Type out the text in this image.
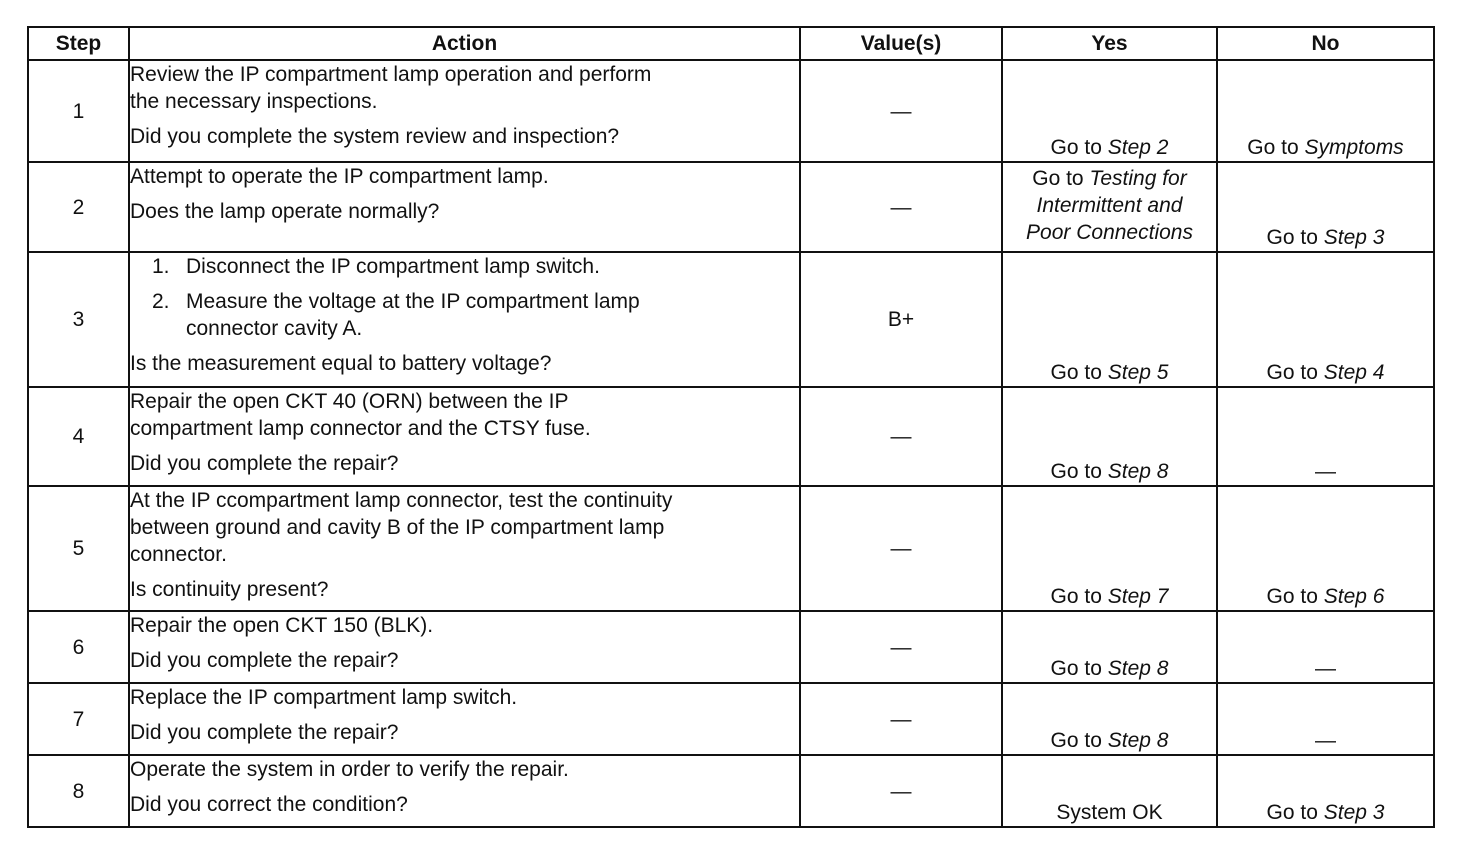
Step	Action	Value(s)	Yes	No
1	Review the IP compartment lamp operation and perform
the necessary inspections.
Did you complete the system review and inspection?	—	Go to Step 2	Go to Symptoms
2	Attempt to operate the IP compartment lamp.
Does the lamp operate normally?	—	Go to Testing for
Intermittent and
Poor Connections	Go to Step 3
3	1. Disconnect the IP compartment lamp switch.
2. Measure the voltage at the IP compartment lamp
connector cavity A.
Is the measurement equal to battery voltage?	B+	Go to Step 5	Go to Step 4
4	Repair the open CKT 40 (ORN) between the IP
compartment lamp connector and the CTSY fuse.
Did you complete the repair?	—	Go to Step 8	—
5	At the IP ccompartment lamp connector, test the continuity
between ground and cavity B of the IP compartment lamp
connector.
Is continuity present?	—	Go to Step 7	Go to Step 6
6	Repair the open CKT 150 (BLK).
Did you complete the repair?	—	Go to Step 8	—
7	Replace the IP compartment lamp switch.
Did you complete the repair?	—	Go to Step 8	—
8	Operate the system in order to verify the repair.
Did you correct the condition?	—	System OK	Go to Step 3
